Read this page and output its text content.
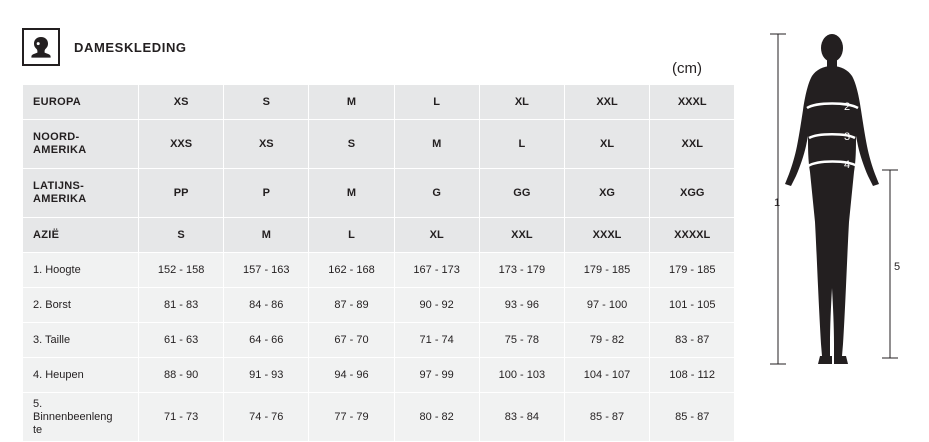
DAMESKLEDING
(cm)
EUROPA	XS	S	M	L	XL	XXL	XXXL

NOORD-
AMERIKA	XXS	XS	S	M	L	XL	XXL

LATIJNS-
AMERIKA	PP	P	M	G	GG	XG	XGG
AZIË	S	M	L	XL	XXL	XXXL	XXXXL
1. Hoogte	152 - 158	157 - 163	162 - 168	167 - 173	173 - 179	179 - 185	179 - 185
2. Borst	81 - 83	84 - 86	87 - 89	90 - 92	93 - 96	97 - 100	101 - 105
3. Taille	61 - 63	64 - 66	67 - 70	71 - 74	75 - 78	79 - 82	83 - 87
4. Heupen	88 - 90	91 - 93	94 - 96	97 - 99	100 - 103	104 - 107	108 - 112

5.
Binnenbeenleng
te	71 - 73	74 - 76	77 - 79	80 - 82	83 - 84	85 - 87	85 - 87
1
2
3
4
5
